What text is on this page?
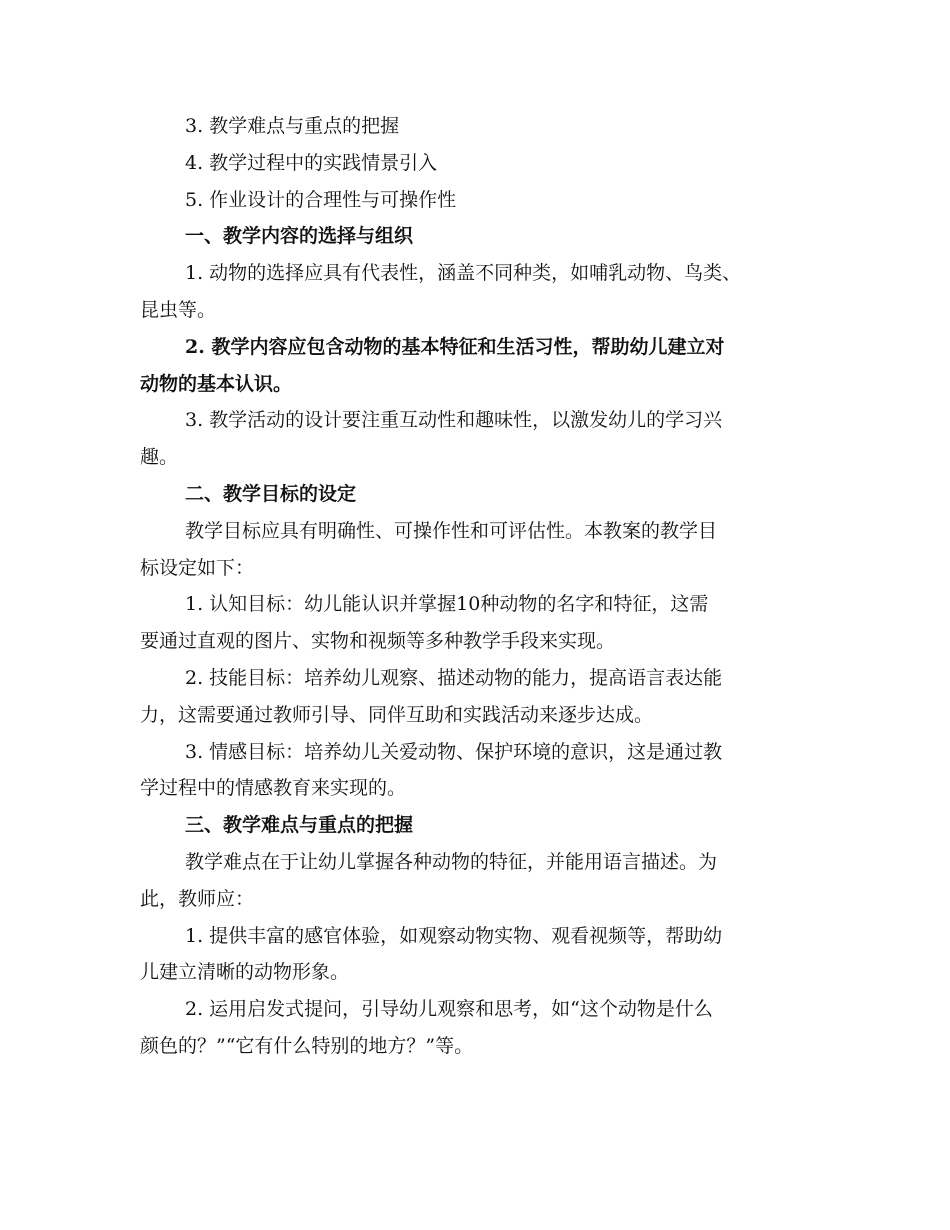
3. 教学难点与重点的把握
4. 教学过程中的实践情景引入
5. 作业设计的合理性与可操作性
一、教学内容的选择与组织
1. 动物的选择应具有代表性，涵盖不同种类，如哺乳动物、鸟类、
昆虫等。
2. 教学内容应包含动物的基本特征和生活习性，帮助幼儿建立对
动物的基本认识。
3. 教学活动的设计要注重互动性和趣味性，以激发幼儿的学习兴
趣。
二、教学目标的设定
教学目标应具有明确性、可操作性和可评估性。本教案的教学目
标设定如下：
1. 认知目标：幼儿能认识并掌握10种动物的名字和特征，这需
要通过直观的图片、实物和视频等多种教学手段来实现。
2. 技能目标：培养幼儿观察、描述动物的能力，提高语言表达能
力，这需要通过教师引导、同伴互助和实践活动来逐步达成。
3. 情感目标：培养幼儿关爱动物、保护环境的意识，这是通过教
学过程中的情感教育来实现的。
三、教学难点与重点的把握
教学难点在于让幼儿掌握各种动物的特征，并能用语言描述。为
此，教师应：
1. 提供丰富的感官体验，如观察动物实物、观看视频等，帮助幼
儿建立清晰的动物形象。
2. 运用启发式提问，引导幼儿观察和思考，如“这个动物是什么
颜色的？”“它有什么特别的地方？”等。
